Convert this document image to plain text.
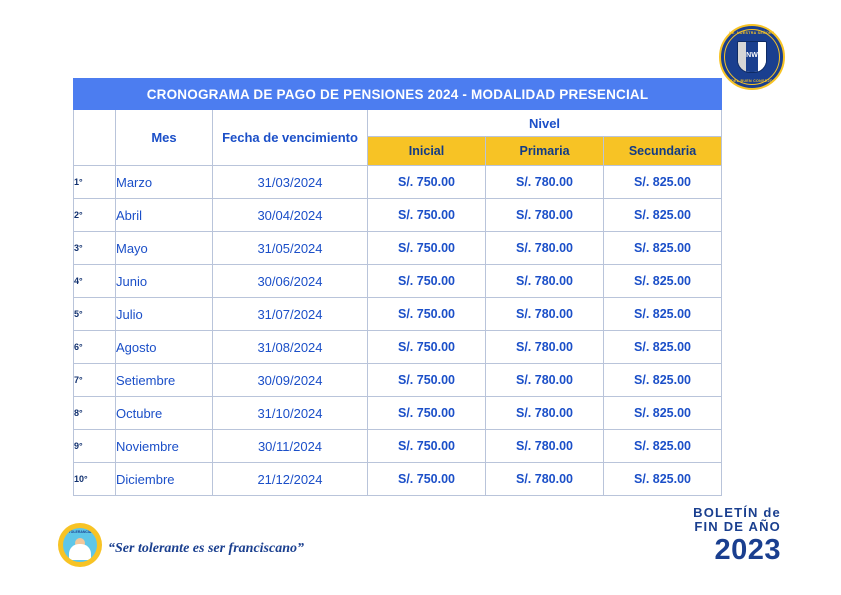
I.E. NUESTRA SEÑORA
NW
DEL BUEN CONSEJO
CRONOGRAMA DE PAGO DE PENSIONES 2024 - MODALIDAD PRESENCIAL					
	Mes	Fecha de vencimiento	Nivel		
			Inicial	Primaria	Secundaria
1°	Marzo	31/03/2024	S/. 750.00	S/. 780.00	S/. 825.00
2°	Abril	30/04/2024	S/. 750.00	S/. 780.00	S/. 825.00
3°	Mayo	31/05/2024	S/. 750.00	S/. 780.00	S/. 825.00
4°	Junio	30/06/2024	S/. 750.00	S/. 780.00	S/. 825.00
5°	Julio	31/07/2024	S/. 750.00	S/. 780.00	S/. 825.00
6°	Agosto	31/08/2024	S/. 750.00	S/. 780.00	S/. 825.00
7°	Setiembre	30/09/2024	S/. 750.00	S/. 780.00	S/. 825.00
8°	Octubre	31/10/2024	S/. 750.00	S/. 780.00	S/. 825.00
9°	Noviembre	30/11/2024	S/. 750.00	S/. 780.00	S/. 825.00
10°	Diciembre	21/12/2024	S/. 750.00	S/. 780.00	S/. 825.00
TOLERANCIA
“Ser tolerante es ser franciscano”
BOLETÍN de
FIN DE AÑO
2023
